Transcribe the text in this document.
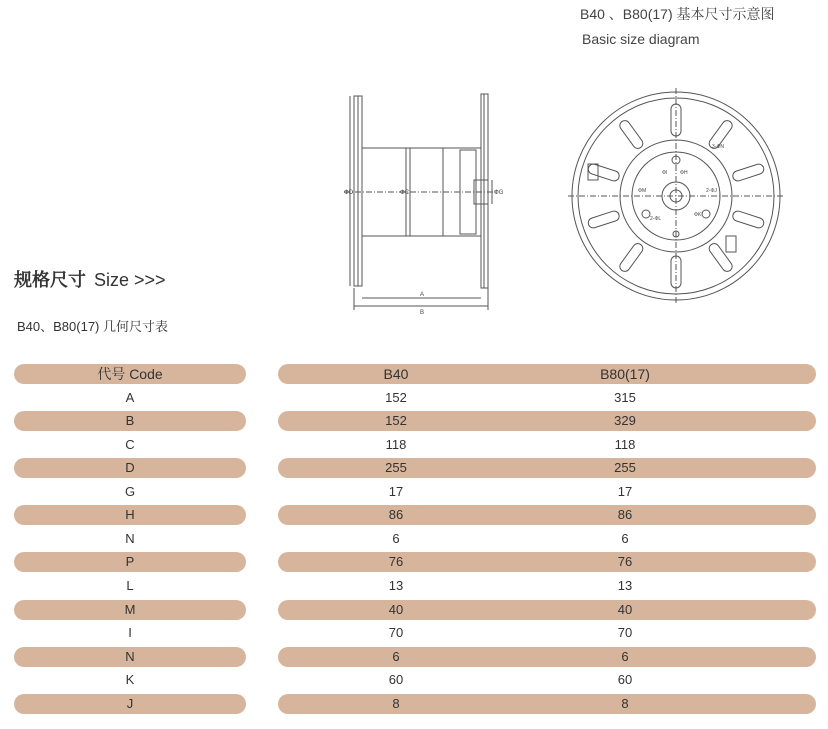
B40 、B80(17) 基本尺寸示意图
Basic size diagram
ΦD	ΦC	ΦG
A
B
3-ΦN
ΦM
2-ΦL
2-ΦJ
ΦK
ΦI	ΦH
规格尺寸 Size >>>
B40、B80(17) 几何尺寸表
代号 Code	B40	B80(17)
A	152	315
B	152	329
C	118	118
D	255	255
G	17	17
H	86	86
N	6	6
P	76	76
L	13	13
M	40	40
I	70	70
N	6	6
K	60	60
J	8	8
